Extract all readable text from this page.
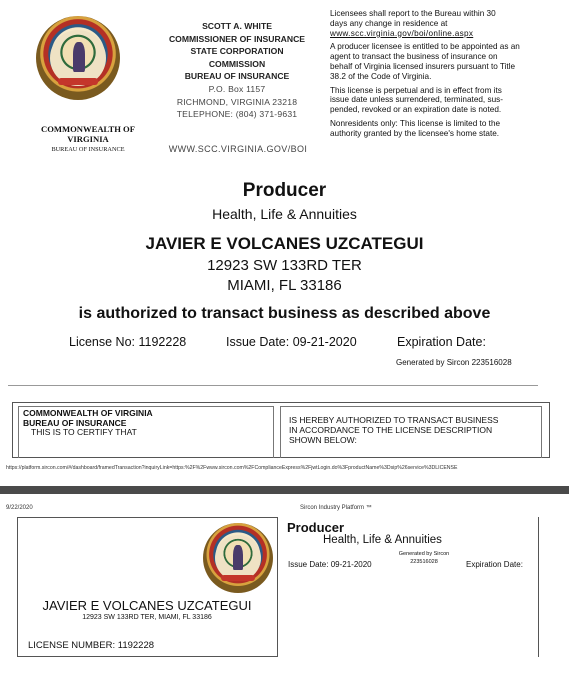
COMMONWEALTH OF
VIRGINIA
BUREAU OF INSURANCE
SCOTT A. WHITE
COMMISSIONER OF INSURANCE
STATE CORPORATION
COMMISSION
BUREAU OF INSURANCE
P.O. Box 1157
RICHMOND, VIRGINIA 23218
TELEPHONE: (804) 371-9631
WWW.SCC.VIRGINIA.GOV/BOI

Licensees shall report to the Bureau within 30

days any change in residence at

www.scc.virginia.gov/boi/online.aspx

A producer licensee is entitled to be appointed as an

agent to transact the business of insurance on

behalf of Virginia licensed insurers pursuant to Title

38.2 of the Code of Virginia.

This license is perpetual and is in effect from its

issue date unless surrendered, terminated, sus-

pended, revoked or an expiration date is noted.

Nonresidents only: This license is limited to the

authority granted by the licensee's home state.

Producer
Health, Life & Annuities
JAVIER E VOLCANES UZCATEGUI
12923 SW 133RD TER
MIAMI, FL 33186
is authorized to transact business as described above
License No: 1192228	Issue Date: 09-21-2020	Expiration Date:
Generated by Sircon 223516028

COMMONWEALTH OF VIRGINIA

BUREAU OF INSURANCE

THIS IS TO CERTIFY THAT

IS HEREBY AUTHORIZED TO TRANSACT BUSINESS

IN ACCORDANCE TO THE LICENSE DESCRIPTION

SHOWN BELOW:

https://platform.sircon.com/#/dashboard/framedTransaction?inquiryLink=https:%2F%2Fwww.sircon.com%2FComplianceExpress%2FjwtLogin.do%3FproductName%3Dsip%26service%3DLICENSE
9/22/2020	Sircon Industry Platform ™
JAVIER E VOLCANES UZCATEGUI
12923 SW 133RD TER, MIAMI, FL 33186
LICENSE NUMBER: 1192228
Producer
Health, Life & Annuities
Issue Date: 09-21-2020
Generated by Sircon
223516028	Expiration Date:
